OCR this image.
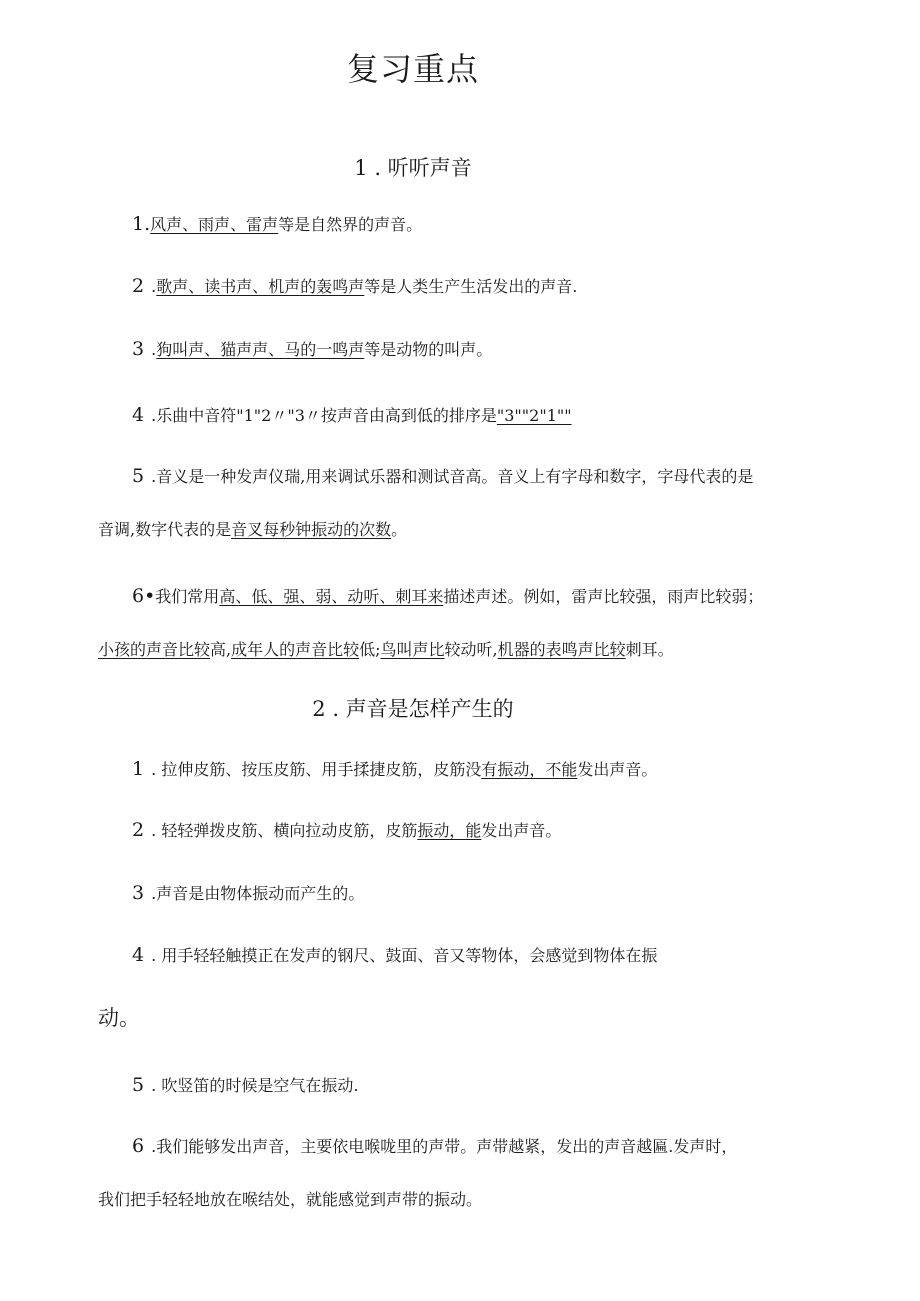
复习重点
1 . 听听声音
1.风声、雨声、雷声等是自然界的声音。
2 .歌声、读书声、机声的轰鸣声等是人类生产生活发出的声音.
3 .狗叫声、猫声声、马的一鸣声等是动物的叫声。
4 .乐曲中音符"1"2〃"3〃按声音由高到低的排序是"3""2"1""
5 .音义是一种发声仪瑞,用来调试乐器和测试音高。音义上有字母和数字，字母代表的是
音调,数字代表的是音叉每秒钟振动的次数。
6•我们常用高、低、强、弱、动听、刺耳来描述声述。例如，雷声比较强，雨声比较弱；
小孩的声音比较高,成年人的声音比较低;鸟叫声比较动听,机器的表鸣声比较刺耳。
2 . 声音是怎样产生的
1 . 拉伸皮筋、按压皮筋、用手揉捷皮筋，皮筋没有振动，不能发出声音。
2 . 轻轻弹拨皮筋、横向拉动皮筋，皮筋振动，能发出声音。
3 .声音是由物体振动而产生的。
4 . 用手轻轻触摸正在发声的钢尺、鼓面、音又等物体，会感觉到物体在振
动。
5 . 吹竖笛的时候是空气在振动.
6 .我们能够发出声音，主要依电喉咙里的声带。声带越紧，发出的声音越匾.发声时，
我们把手轻轻地放在喉结处，就能感觉到声带的振动。
